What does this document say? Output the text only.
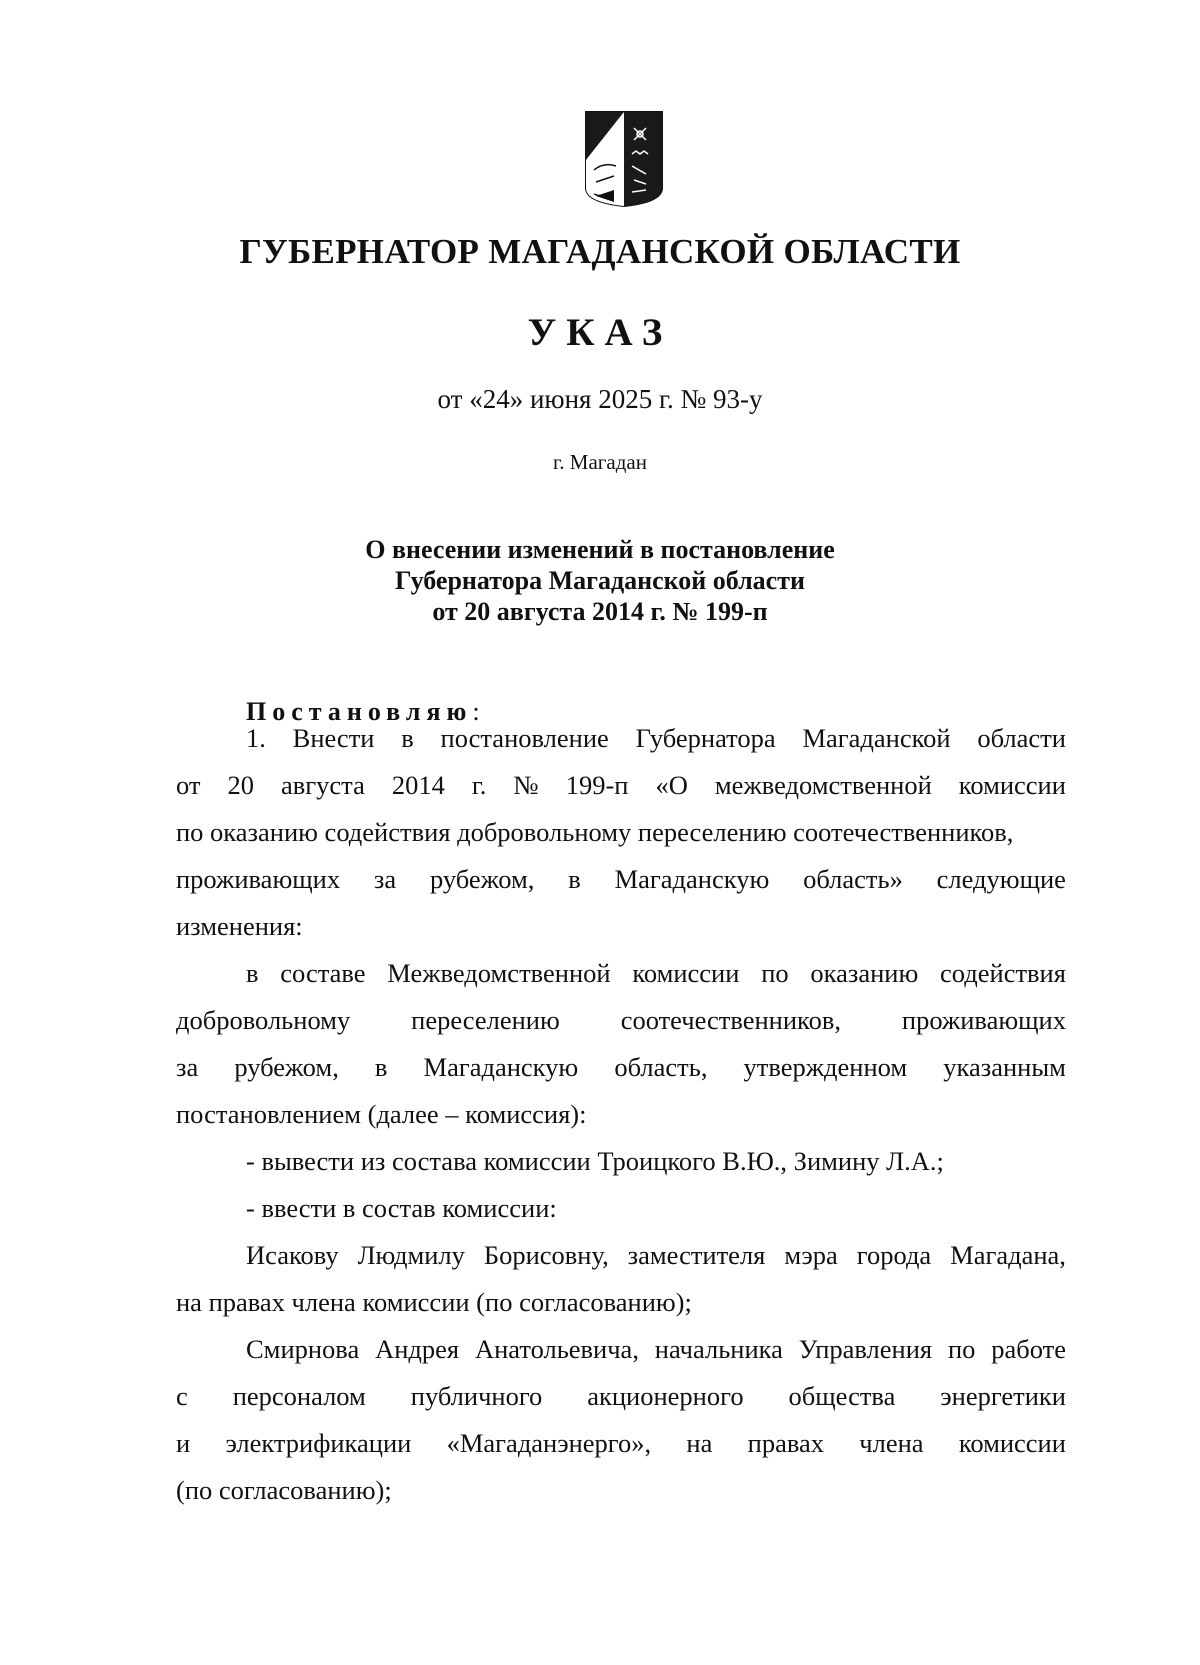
ГУБЕРНАТОР МАГАДАНСКОЙ ОБЛАСТИ
УКАЗ
от «24» июня 2025 г. № 93-у
г. Магадан
О внесении изменений в постановление
Губернатора Магаданской области
от 20 августа 2014 г. № 199-п
Постановляю:
1. Внести в постановление Губернатора Магаданской области
от 20 августа 2014 г. № 199-п «О межведомственной комиссии
по оказанию содействия добровольному переселению соотечественников,
проживающих за рубежом, в Магаданскую область» следующие
изменения:
в составе Межведомственной комиссии по оказанию содействия
добровольному переселению соотечественников, проживающих
за рубежом, в Магаданскую область, утвержденном указанным
постановлением (далее – комиссия):
- вывести из состава комиссии Троицкого В.Ю., Зимину Л.А.;
- ввести в состав комиссии:
Исакову Людмилу Борисовну, заместителя мэра города Магадана,
на правах члена комиссии (по согласованию);
Смирнова Андрея Анатольевича, начальника Управления по работе
с персоналом публичного акционерного общества энергетики
и электрификации «Магаданэнерго», на правах члена комиссии
(по согласованию);
